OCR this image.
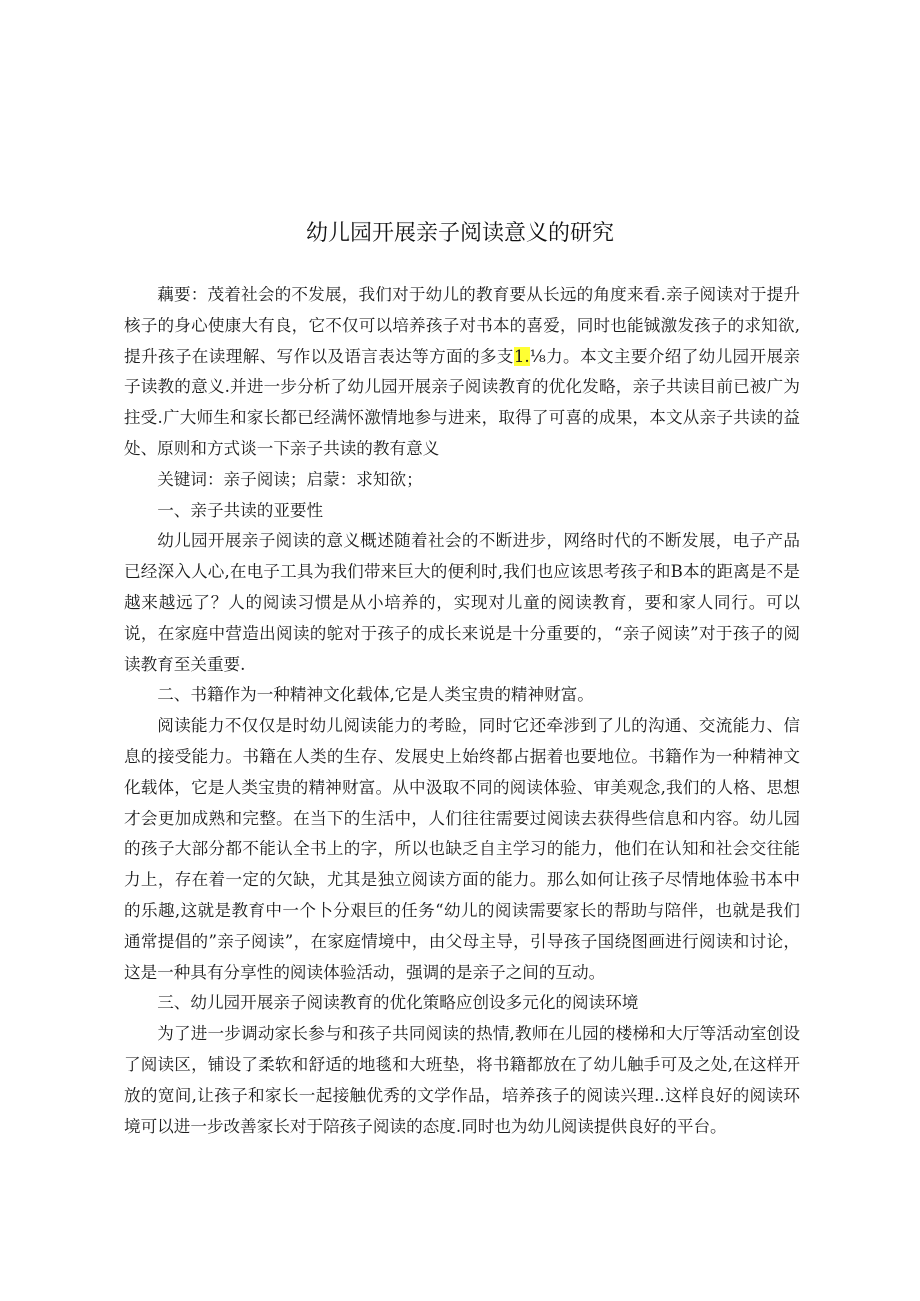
幼儿园开展亲子阅读意义的研究

藕要：茂着社会的不发展，我们对于幼儿的教育要从长远的角度来看.亲子阅读对于提升核子的身心使康大有良，它不仅可以培养孩子对书本的喜爱，同时也能铖激发孩子的求知欲,提升孩子在读理解、写作以及语言表达等方面的多支1.⅛力。本文主要介绍了幼儿园开展亲子读教的意义.并进一步分析了幼儿园开展亲子阅读教育的优化发略，亲子共读目前已被广为拄受.广大师生和家长都已经满怀激情地参与进来，取得了可喜的成果，本文从亲子共读的益处、原则和方式谈一下亲子共读的教有意义

关键词：亲子阅读；启蒙：求知欲；

一、亲子共读的亚要性

幼儿园开展亲子阅读的意义概述随着社会的不断进步，网络时代的不断发展，电子产品已经深入人心,在电子工具为我们带来巨大的便利时,我们也应该思考孩子和B本的距离是不是越来越远了？人的阅读习惯是从小培养的，实现对儿童的阅读教育，要和家人同行。可以说，在家庭中营造出阅读的鸵对于孩子的成长来说是十分重要的，“亲子阅读”对于孩子的阅读教育至关重要.

二、书籍作为一种精神文化载体,它是人类宝贵的精神财富。

阅读能力不仅仅是时幼儿阅读能力的考睑，同时它还牵涉到了儿的沟通、交流能力、信息的接受能力。书籍在人类的生存、发展史上始终都占据着也要地位。书籍作为一种精神文化载体，它是人类宝贵的精神财富。从中汲取不同的阅读体验、审美观念,我们的人格、思想才会更加成熟和完整。在当下的生活中，人们往往需要过阅读去获得些信息和内容。幼儿园的孩子大部分都不能认全书上的字，所以也缺乏自主学习的能力，他们在认知和社会交往能力上，存在着一定的欠缺，尤其是独立阅读方面的能力。那么如何让孩子尽情地体验书本中的乐趣,这就是教育中一个卜分艰巨的任务“幼儿的阅读需要家长的帮助与陪伴，也就是我们通常提倡的”亲子阅读”，在家庭情境中，由父母主导，引导孩子国绕图画进行阅读和讨论，这是一种具有分享性的阅读体验活动，强调的是亲子之间的互动。

三、幼儿园开展亲子阅读教育的优化策略应创设多元化的阅读环境

为了进一步调动家长参与和孩子共同阅读的热情,教师在儿园的楼梯和大厅等活动室创设了阅读区，铺设了柔软和舒适的地毯和大班垫，将书籍都放在了幼儿触手可及之处,在这样开放的宽间,让孩子和家长一起接触优秀的文学作品，培养孩子的阅读兴理..这样良好的阅读环境可以进一步改善家长对于陪孩子阅读的态度.同时也为幼儿阅读提供良好的平台。
